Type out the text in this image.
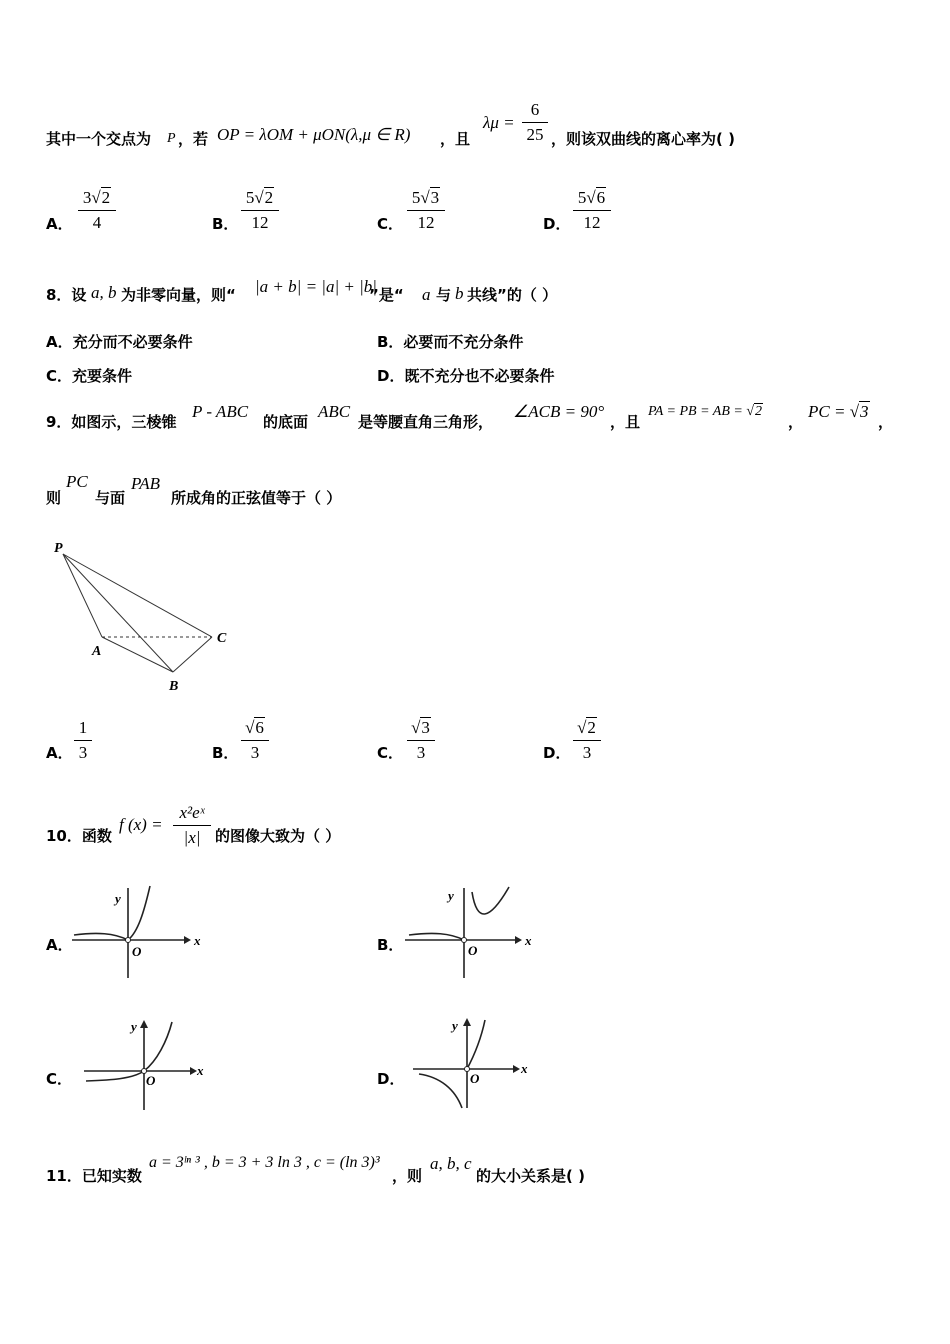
其中一个交点为 P ，若 OP = λOM + μON(λ,μ ∈ R) ，且
λμ =
6
25 ，则该双曲线的离心率为( )
A．
3√2
4	B．
5√2
12	C．
5√3
12	D．
5√6
12
8．设 a, b 为非零向量，则“ |a + b| = |a| + |b|
”是“ a 与 b 共线”的（ ）
A．充分而不必要条件	B．必要而不充分条件
C．充要条件	D．既不充分也不必要条件
9．如图示，三棱锥
P - ABC
的底面
ABC
是等腰直角三角形，
∠ACB = 90°
，且
PA = PB = AB = √2
，
PC = √3
，
则
PC
与面
PAB
所成角的正弦值等于（ ）
P
A
B
C
A．
1
3	B．
√6
3	C．
√3
3	D．
√2
3
10．函数
f (x) =
x²eˣ
|x| 的图像大致为（ ）
A．	B．
C．	D．
x
y
O
x
y
O
x
y
O
x
y
O
11．已知实数
a = 3ˡⁿ ³ , b = 3 + 3 ln 3 , c = (ln 3)³
，则
a, b, c
的大小关系是( )
